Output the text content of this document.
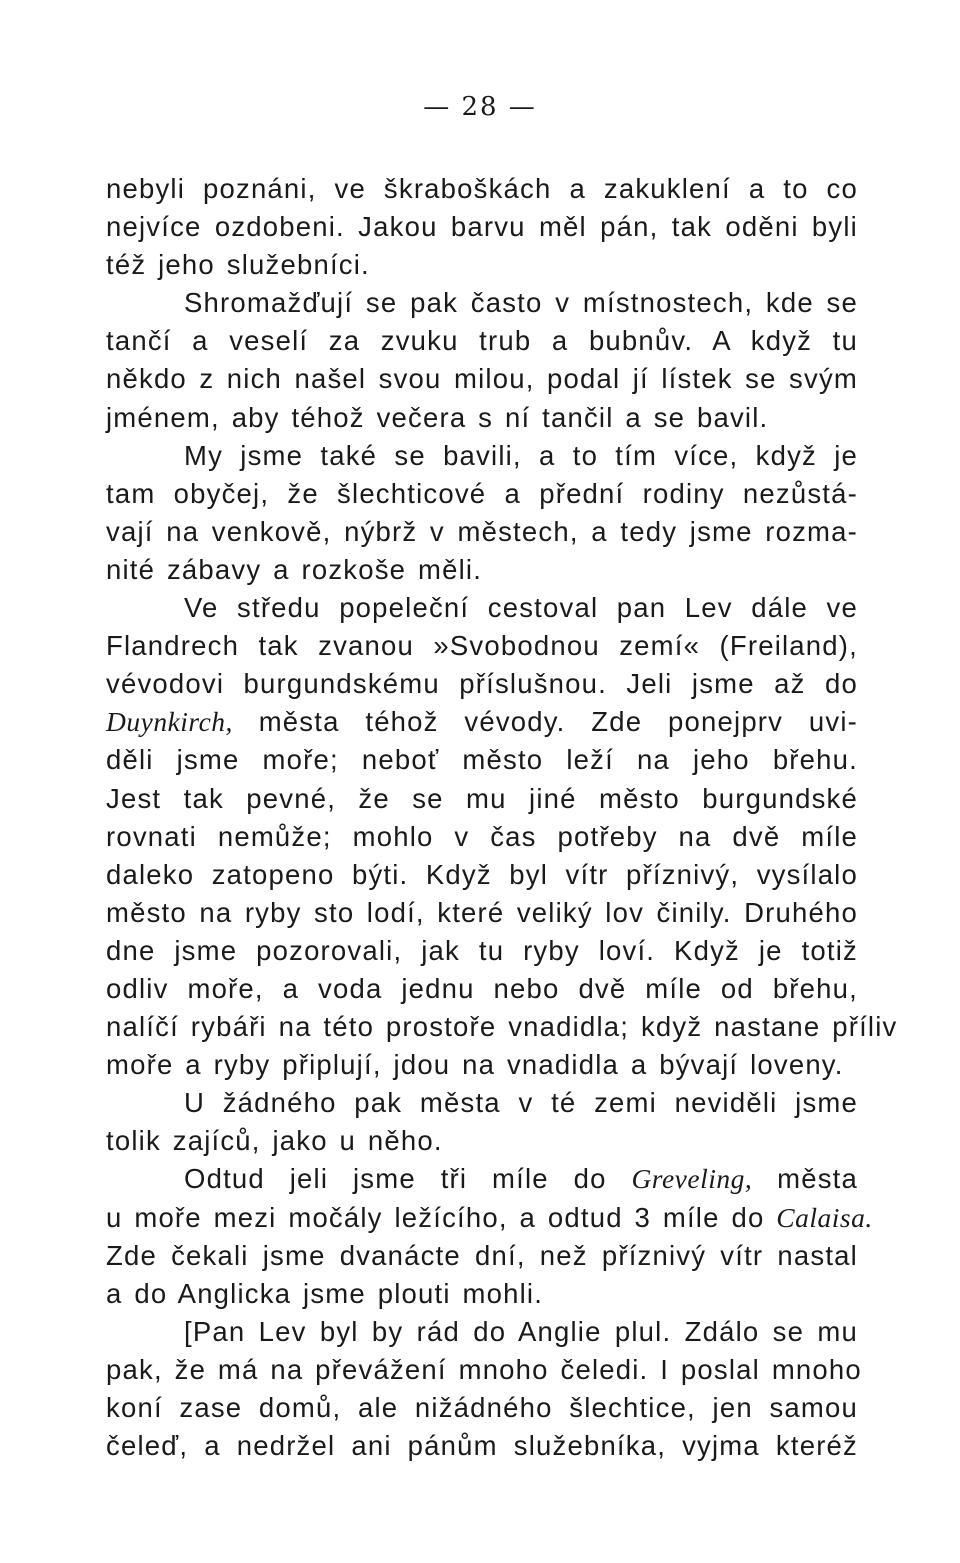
— 28 —
nebyli poznáni, ve škraboškách a zakuklení a to co
nejvíce ozdobeni. Jakou barvu měl pán, tak oděni byli
též jeho služebníci.
Shromažďují se pak často v místnostech, kde se
tančí a veselí za zvuku trub a bubnův. A když tu
někdo z nich našel svou milou, podal jí lístek se svým
jménem, aby téhož večera s ní tančil a se bavil.
My jsme také se bavili, a to tím více, když je
tam obyčej, že šlechticové a přední rodiny nezůstá-
vají na venkově, nýbrž v městech, a tedy jsme rozma-
nité zábavy a rozkoše měli.
Ve středu popeleční cestoval pan Lev dále ve
Flandrech tak zvanou »Svobodnou zemí« (Freiland),
vévodovi burgundskému příslušnou. Jeli jsme až do
Duynkirch, města téhož vévody. Zde ponejprv uvi-
děli jsme moře; neboť město leží na jeho břehu.
Jest tak pevné, že se mu jiné město burgundské
rovnati nemůže; mohlo v čas potřeby na dvě míle
daleko zatopeno býti. Když byl vítr příznivý, vysílalo
město na ryby sto lodí, které veliký lov činily. Druhého
dne jsme pozorovali, jak tu ryby loví. Když je totiž
odliv moře, a voda jednu nebo dvě míle od břehu,
nalíčí rybáři na této prostoře vnadidla; když nastane příliv
moře a ryby připlují, jdou na vnadidla a bývají loveny.
U žádného pak města v té zemi neviděli jsme
tolik zajíců, jako u něho.
Odtud jeli jsme tři míle do Greveling, města
u moře mezi močály ležícího, a odtud 3 míle do Calaisa.
Zde čekali jsme dvanácte dní, než příznivý vítr nastal
a do Anglicka jsme plouti mohli.
[Pan Lev byl by rád do Anglie plul. Zdálo se mu
pak, že má na převážení mnoho čeledi. I poslal mnoho
koní zase domů, ale nižádného šlechtice, jen samou
čeleď, a nedržel ani pánům služebníka, vyjma kteréž
